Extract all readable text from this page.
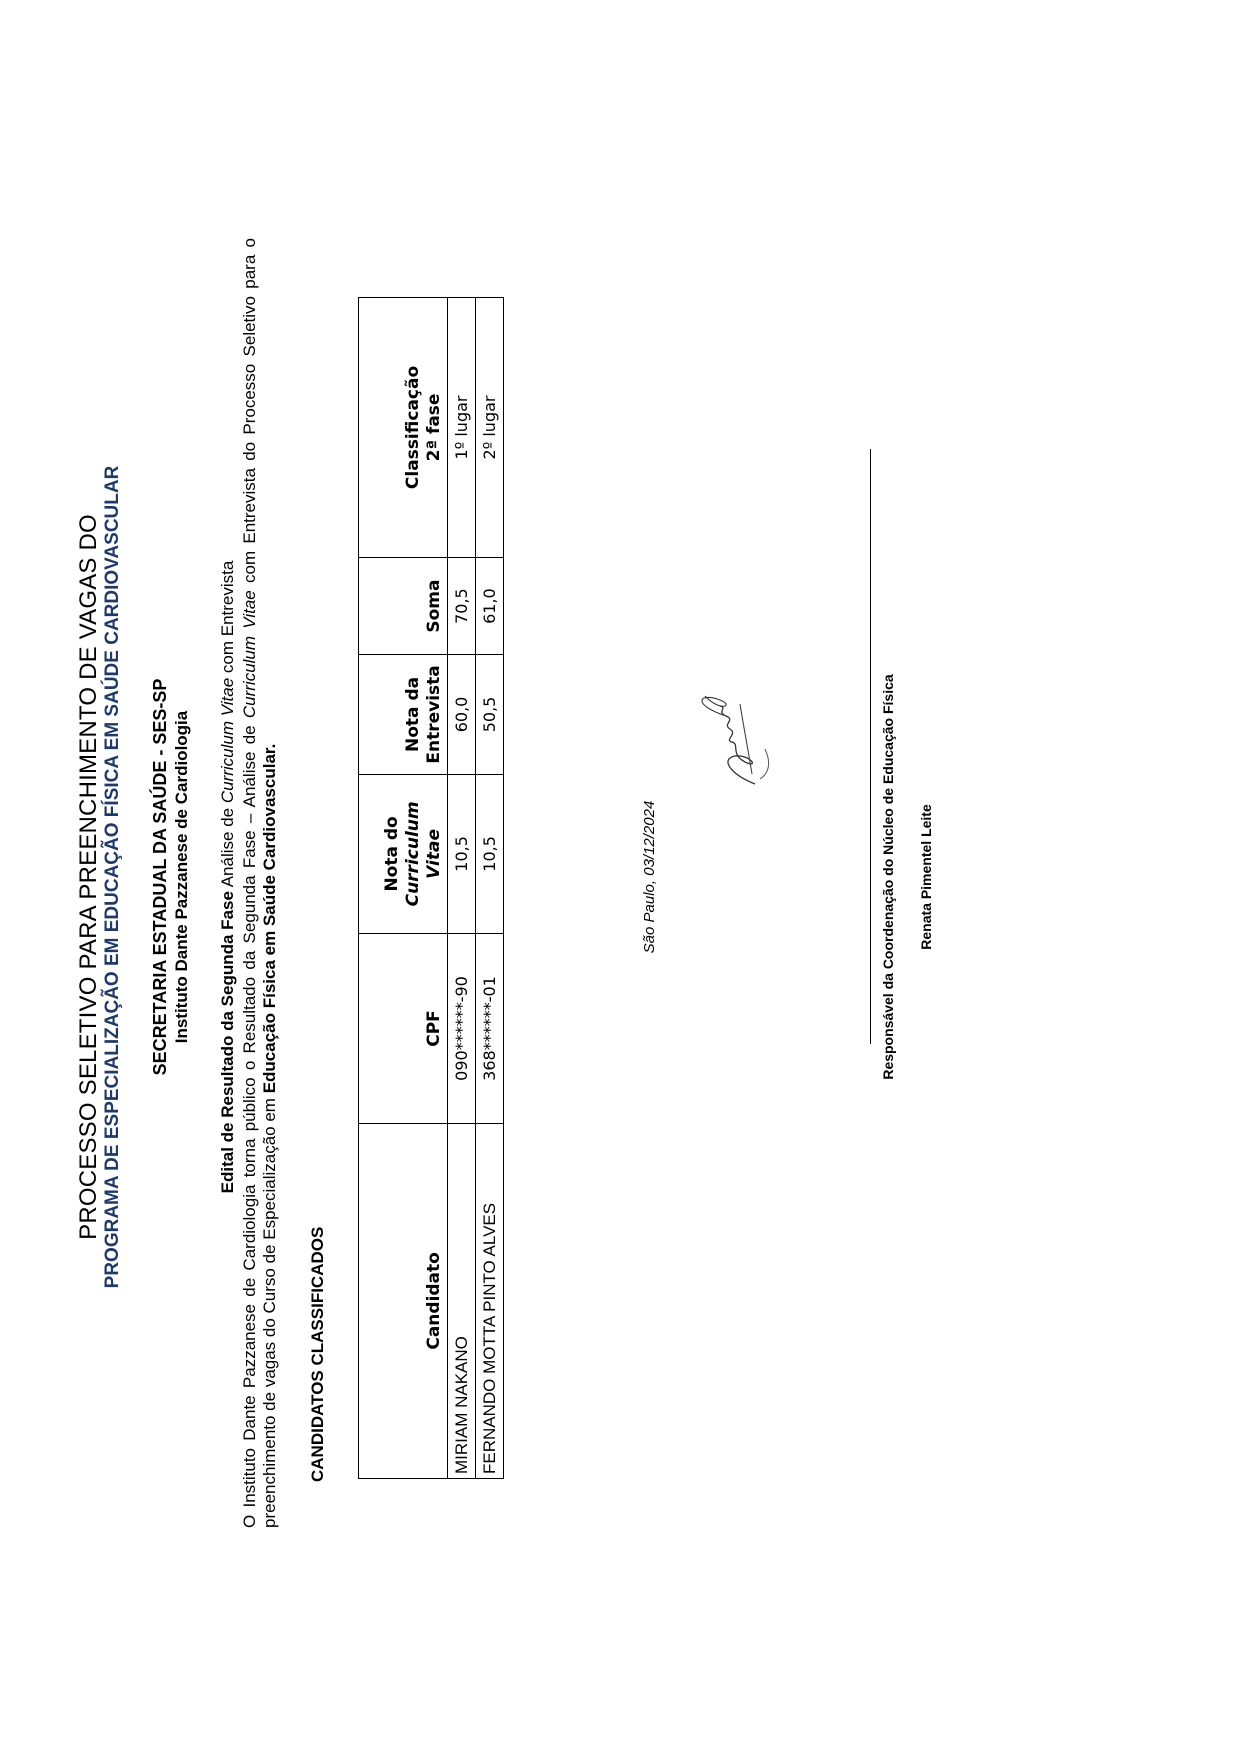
PROCESSO SELETIVO PARA PREENCHIMENTO DE VAGAS DO PROGRAMA DE ESPECIALIZAÇÃO EM EDUCAÇÃO FÍSICA EM SAÚDE CARDIOVASCULAR SECRETARIA ESTADUAL DA SAÚDE - SES-SP Instituto Dante Pazzanese de Cardiologia Edital de Resultado da Segunda Fase Análise de Curriculum Vitae com Entrevista
O Instituto Dante Pazzanese de Cardiologia torna público o Resultado da Segunda Fase – Análise de Curriculum Vitae com Entrevista do Processo Seletivo para o preenchimento de vagas do Curso de Especialização em Educação Física em Saúde Cardiovascular.
CANDIDATOS CLASSIFICADOS	Candidato	CPF	Nota do
Curriculum
Vitae	Nota da
Entrevista	Soma	Classificação
2ª fase
MIRIAM NAKANO	090******-90	10,5	60,0	70,5	1º lugar
FERNANDO MOTTA PINTO ALVES	368******-01	10,5	50,5	61,0	2º lugar
São Paulo, 03/12/2024	Responsável da Coordenação do Núcleo de Educação Física Renata Pimentel Leite
